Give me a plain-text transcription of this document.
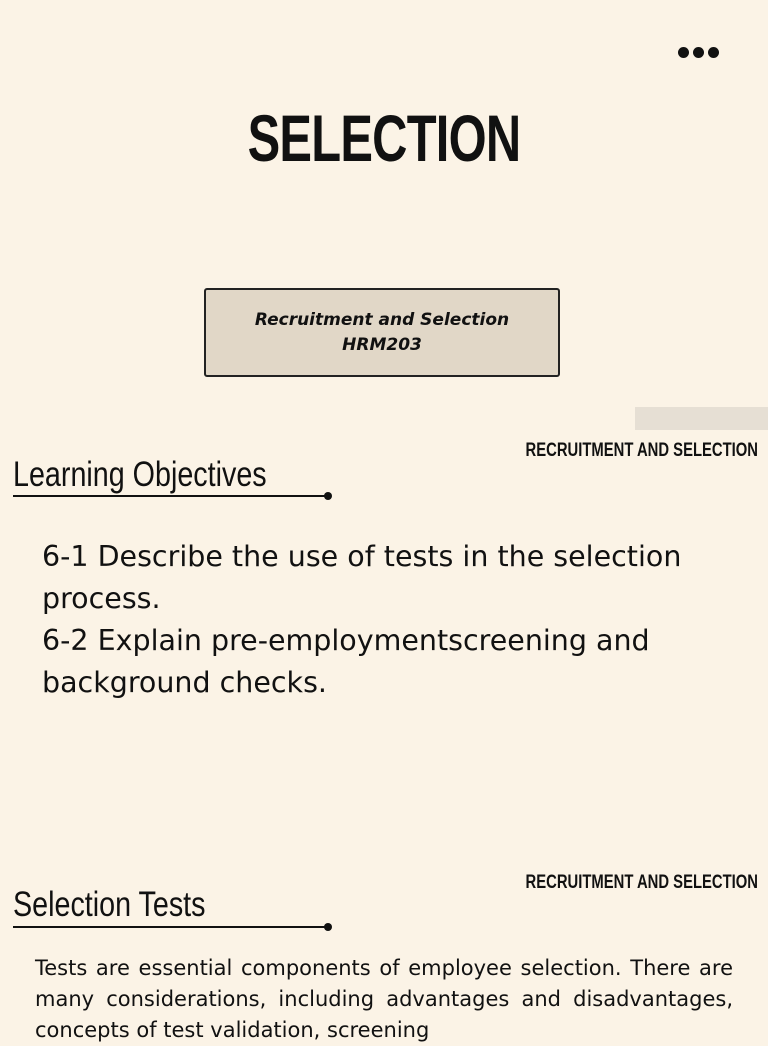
SELECTION
Recruitment and Selection
HRM203
RECRUITMENT AND SELECTION
Learning Objectives

6-1 Describe the use of tests in the selection process.

6-2 Explain pre-employmentscreening and background checks.

RECRUITMENT AND SELECTION
Selection Tests
Tests are essential components of employee selection. There are many considerations, including advantages and disadvantages, concepts of test validation, screening
